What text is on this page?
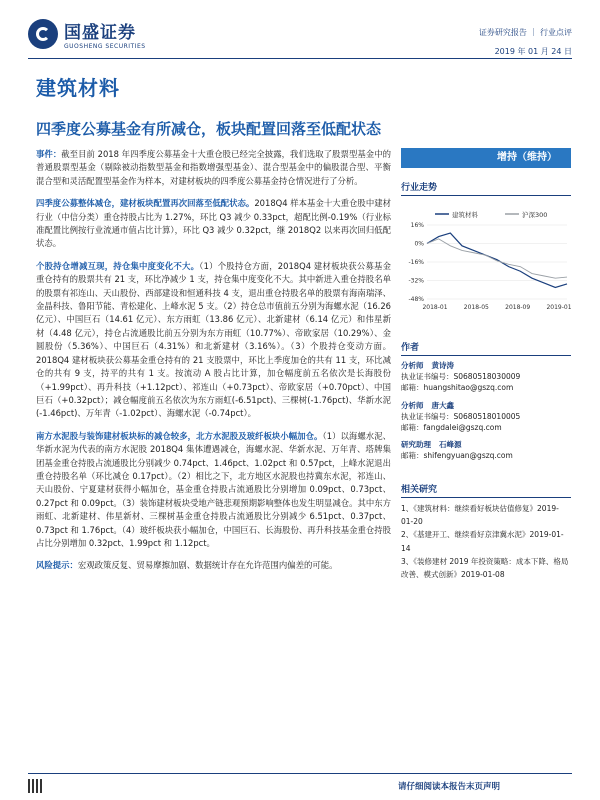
国盛证券
GUOSHENG SECURITIES
证券研究报告 ｜ 行业点评
2019 年 01 月 24 日
建筑材料
四季度公募基金有所减仓，板块配置回落至低配状态

事件：截至目前 2018 年四季度公募基金十大重仓股已经完全披露，我们选取了股票型基金中的普通股票型基金（剔除被动指数型基金和指数增强型基金）、混合型基金中的偏股混合型、平衡混合型和灵活配置型基金作为样本，对建材板块的四季度公募基金持仓情况进行了分析。

四季度公募整体减仓，建材板块配置再次回落至低配状态。2018Q4 样本基金十大重仓股中建材行业（中信分类）重仓持股占比为 1.27%，环比 Q3 减少 0.33pct，超配比例-0.19%（行业标准配置比例按行业流通市值占比计算），环比 Q3 减少 0.32pct，继 2018Q2 以来再次回归低配状态。

个股持仓增减互现，持仓集中度变化不大。（1）个股持仓方面，2018Q4 建材板块获公募基金重仓持有的股票共有 21 支，环比净减少 1 支，持仓集中度变化不大。其中新进入重仓持股名单的股票有祁连山、天山股份、西部建设和恒通科技 4 支，退出重仓持股名单的股票有海南瑞泽、金晶科技、鲁阳节能、青松建化、上峰水泥 5 支。（2）持仓总市值前五分别为海螺水泥（16.26 亿元）、中国巨石（14.61 亿元）、东方雨虹（13.86 亿元）、北新建材（6.14 亿元）和伟星新材（4.48 亿元），持仓占流通股比前五分别为东方雨虹（10.77%）、帝欧家居（10.29%）、金圆股份（5.36%）、中国巨石（4.31%）和北新建材（3.16%）。（3）个股持仓变动方面。2018Q4 建材板块获公募基金重仓持有的 21 支股票中，环比上季度加仓的共有 11 支，环比减仓的共有 9 支，持平的共有 1 支。按流动 A 股占比计算，加仓幅度前五名依次是长海股份（+1.99pct）、再升科技（+1.12pct）、祁连山（+0.73pct）、帝欧家居（+0.70pct）、中国巨石（+0.32pct）；减仓幅度前五名依次为东方雨虹(-6.51pct)、三棵树(-1.76pct)、华新水泥(-1.46pct)、万年青（-1.02pct）、海螺水泥（-0.74pct）。

南方水泥股与装饰建材板块标的减仓较多，北方水泥股及玻纤板块小幅加仓。（1）以海螺水泥、华新水泥为代表的南方水泥股 2018Q4 集体遭遇减仓，海螺水泥、华新水泥、万年青、塔牌集团基金重仓持股占流通股比分别减少 0.74pct、1.46pct、1.02pct 和 0.57pct，上峰水泥退出重仓持股名单（环比减仓 0.17pct）。（2）相比之下，北方地区水泥股也持冀东水泥，祁连山、天山股份、宁夏建材获得小幅加仓，基金重仓持股占流通股比分别增加 0.09pct、0.73pct、0.27pct 和 0.09pct。（3）装饰建材板块受地产链悲观预期影响整体也发生明显减仓。其中东方雨虹、北新建材、伟星新材、三棵树基金重仓持股占流通股比分别减少 6.51pct、0.37pct、0.73pct 和 1.76pct。（4）玻纤板块获小幅加仓，中国巨石、长海股份、再升科技基金重仓持股占比分别增加 0.32pct、1.99pct 和 1.12pct。

风险提示：宏观政策反复、贸易摩擦加剧、数据统计存在允许范围内偏差的可能。

增持（维持）
行业走势
建筑材料	沪深300
16%
0%
-16%
-32%
-48%
2018-01	2018-05	2018-09	2019-01
作者
分析师 黄诗涛
执业证书编号：S0680518030009
邮箱：huangshitao@gszq.com
分析师 唐大鑫
执业证书编号：S0680518010005
邮箱：fangdalei@gszq.com
研究助理 石峰源
邮箱：shifengyuan@gszq.com
相关研究
1、《建筑材料：继续看好板块估值修复》2019-01-20
2、《基建开工、继续看好京津冀水泥》2019-01-14
3、《装修建材 2019 年投资策略：成本下降、格局改善、模式创新》2019-01-08
请仔细阅读本报告末页声明
